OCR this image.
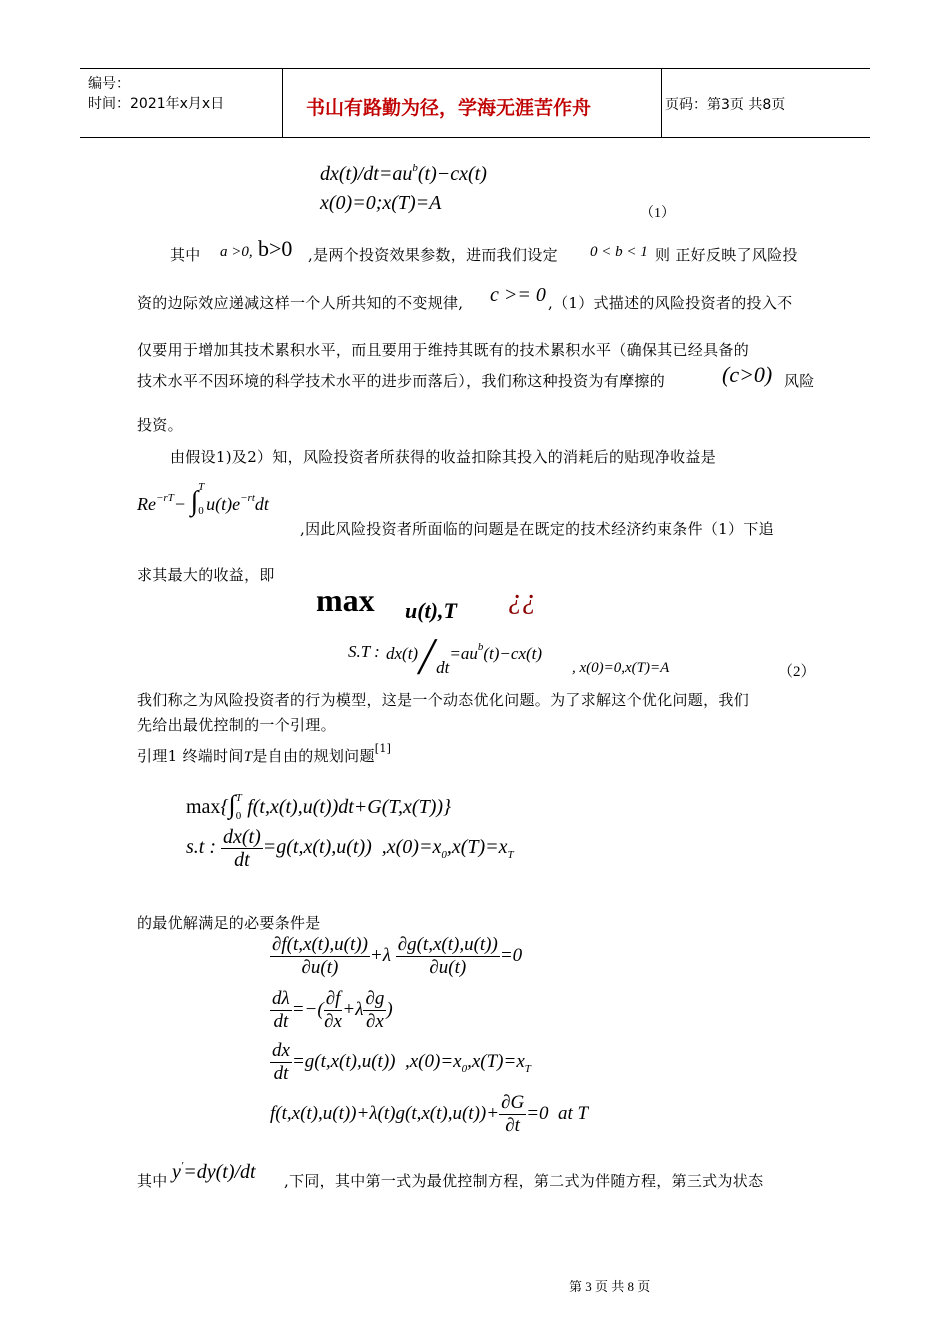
编号：
时间：2021年x月x日	书山有路勤为径，学海无涯苦作舟	页码：第3页 共8页
$dx(t)/dt=au^b(t)-cx(t)$
x(0)=0;x(T)=A	（1）
其中 a >0, b>0 ,是两个投资效果参数，进而我们设定 0 < b < 1 则 正好反映了风险投
资的边际效应递减这样一个人所共知的不变规律, c >= 0 ,（1）式描述的风险投资者的投入不
仅要用于增加其技术累积水平，而且要用于维持其既有的技术累积水平（确保其已经具备的
技术水平不因环境的科学技术水平的进步而落后），我们称这种投资为有摩擦的	(c>0) 风险
投资。
由假设1)及2）知，风险投资者所获得的收益扣除其投入的消耗后的贴现净收益是
$Re^{-rT}- \int^T_0$ $u(t)e^{-rt}dt$
,因此风险投资者所面临的问题是在既定的技术经济约束条件（1）下追
求其最大的收益，即
max u(t),T ¿¿
S.T : $dx(t)╱dt=au^b(t)-cx(t)$
, x(0)=0,x(T)=A	（2）
我们称之为风险投资者的行为模型，这是一个动态优化问题。为了求解这个优化问题，我们
先给出最优控制的一个引理。
引理1 终端时间T是自由的规划问题[1]
max{∫$^T_0$ f(t,x(t),u(t))dt+G(T,x(T))}
s.t : $\frac{dx(t)}{dt} =g(t,x(t),u(t))$  $,x(0)=x_0,x(T)=x_T$
的最优解满足的必要条件是
$\frac{\partial f(t,x(t),u(t))}{\partial u(t)} +\lambda \frac{\partial g(t,x(t),u(t))}{\partial u(t)} =0$
$\frac{d\lambda}{dt}$ =−( $\frac{\partial f}{\partial x} +\lambda \frac{\partial g}{\partial x}$ )
$\frac{dx}{dt} =g(t,x(t),u(t))$  $,x(0)=x_0,x(T)=x_T$
$f(t,x(t),u(t))+\lambda(t)g(t,x(t),u(t))+ \frac{\partial G}{\partial t} =0$  at T
其中 y'=dy(t)/dt ,下同，其中第一式为最优控制方程，第二式为伴随方程，第三式为状态
第 3 页 共 8 页
